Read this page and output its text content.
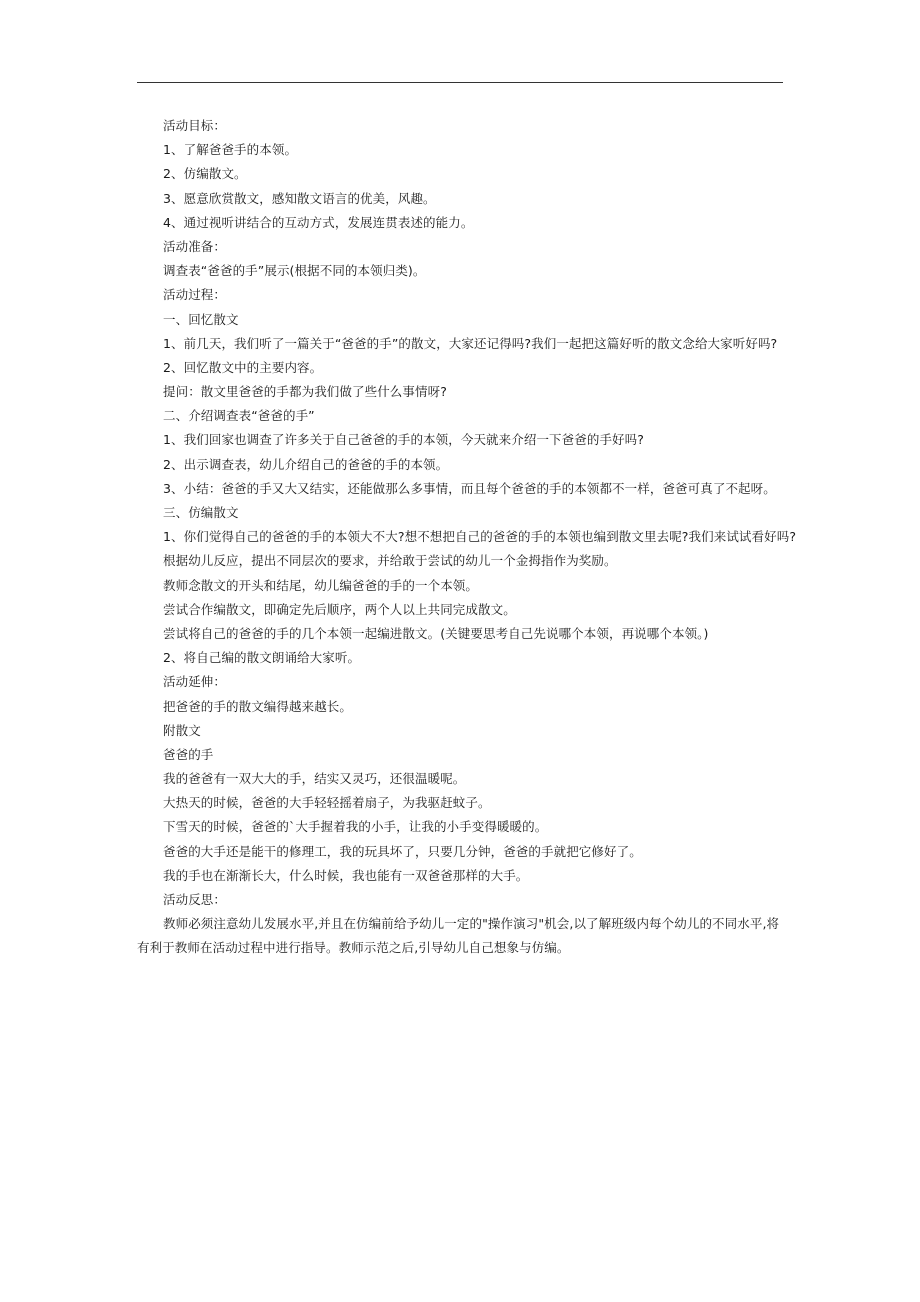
活动目标：
1、了解爸爸手的本领。
2、仿编散文。
3、愿意欣赏散文，感知散文语言的优美，风趣。
4、通过视听讲结合的互动方式，发展连贯表述的能力。
活动准备：
调查表“爸爸的手”展示(根据不同的本领归类)。
活动过程：
一、回忆散文
1、前几天，我们听了一篇关于“爸爸的手”的散文，大家还记得吗?我们一起把这篇好听的散文念给大家听好吗?
2、回忆散文中的主要内容。
提问：散文里爸爸的手都为我们做了些什么事情呀?
二、介绍调查表“爸爸的手”
1、我们回家也调查了许多关于自己爸爸的手的本领，今天就来介绍一下爸爸的手好吗?
2、出示调查表，幼儿介绍自己的爸爸的手的本领。
3、小结：爸爸的手又大又结实，还能做那么多事情，而且每个爸爸的手的本领都不一样，爸爸可真了不起呀。
三、仿编散文
1、你们觉得自己的爸爸的手的本领大不大?想不想把自己的爸爸的手的本领也编到散文里去呢?我们来试试看好吗?
根据幼儿反应，提出不同层次的要求，并给敢于尝试的幼儿一个金拇指作为奖励。
教师念散文的开头和结尾，幼儿编爸爸的手的一个本领。
尝试合作编散文，即确定先后顺序，两个人以上共同完成散文。
尝试将自己的爸爸的手的几个本领一起编进散文。(关键要思考自己先说哪个本领，再说哪个本领。)
2、将自己编的散文朗诵给大家听。
活动延伸：
把爸爸的手的散文编得越来越长。
附散文
爸爸的手
我的爸爸有一双大大的手，结实又灵巧，还很温暖呢。
大热天的时候，爸爸的大手轻轻摇着扇子，为我驱赶蚊子。
下雪天的时候，爸爸的`大手握着我的小手，让我的小手变得暖暖的。
爸爸的大手还是能干的修理工，我的玩具坏了，只要几分钟，爸爸的手就把它修好了。
我的手也在渐渐长大，什么时候，我也能有一双爸爸那样的大手。
活动反思：
教师必须注意幼儿发展水平,并且在仿编前给予幼儿一定的"操作演习"机会,以了解班级内每个幼儿的不同水平,将有利于教师在活动过程中进行指导。教师示范之后,引导幼儿自己想象与仿编。
